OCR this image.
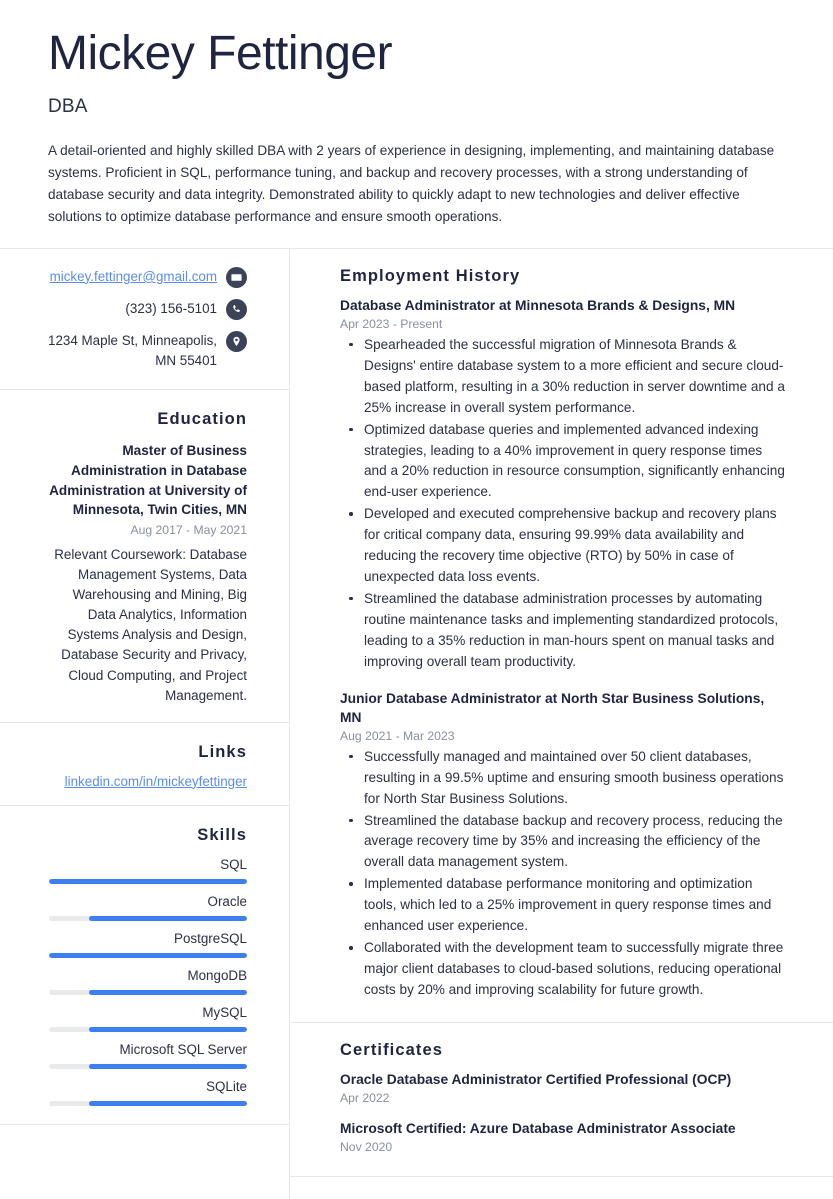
Mickey Fettinger
DBA

A detail-oriented and highly skilled DBA with 2 years of experience in designing, implementing, and maintaining database systems. Proficient in SQL, performance tuning, and backup and recovery processes, with a strong understanding of database security and data integrity. Demonstrated ability to quickly adapt to new technologies and deliver effective solutions to optimize database performance and ensure smooth operations.

mickey.fettinger@gmail.com
(323) 156-5101
1234 Maple St, Minneapolis, MN 55401
Education
Master of Business Administration in Database Administration at University of Minnesota, Twin Cities, MN
Aug 2017 - May 2021
Relevant Coursework: Database Management Systems, Data Warehousing and Mining, Big Data Analytics, Information Systems Analysis and Design, Database Security and Privacy, Cloud Computing, and Project Management.
Links
linkedin.com/in/mickeyfettinger
Skills
SQL
Oracle
PostgreSQL
MongoDB
MySQL
Microsoft SQL Server
SQLite
Employment History
Database Administrator at Minnesota Brands & Designs, MN
Apr 2023 - Present
Spearheaded the successful migration of Minnesota Brands & Designs' entire database system to a more efficient and secure cloud-based platform, resulting in a 30% reduction in server downtime and a 25% increase in overall system performance.
Optimized database queries and implemented advanced indexing strategies, leading to a 40% improvement in query response times and a 20% reduction in resource consumption, significantly enhancing end-user experience.
Developed and executed comprehensive backup and recovery plans for critical company data, ensuring 99.99% data availability and reducing the recovery time objective (RTO) by 50% in case of unexpected data loss events.
Streamlined the database administration processes by automating routine maintenance tasks and implementing standardized protocols, leading to a 35% reduction in man-hours spent on manual tasks and improving overall team productivity.
Junior Database Administrator at North Star Business Solutions, MN
Aug 2021 - Mar 2023
Successfully managed and maintained over 50 client databases, resulting in a 99.5% uptime and ensuring smooth business operations for North Star Business Solutions.
Streamlined the database backup and recovery process, reducing the average recovery time by 35% and increasing the efficiency of the overall data management system.
Implemented database performance monitoring and optimization tools, which led to a 25% improvement in query response times and enhanced user experience.
Collaborated with the development team to successfully migrate three major client databases to cloud-based solutions, reducing operational costs by 20% and improving scalability for future growth.
Certificates
Oracle Database Administrator Certified Professional (OCP)
Apr 2022
Microsoft Certified: Azure Database Administrator Associate
Nov 2020
